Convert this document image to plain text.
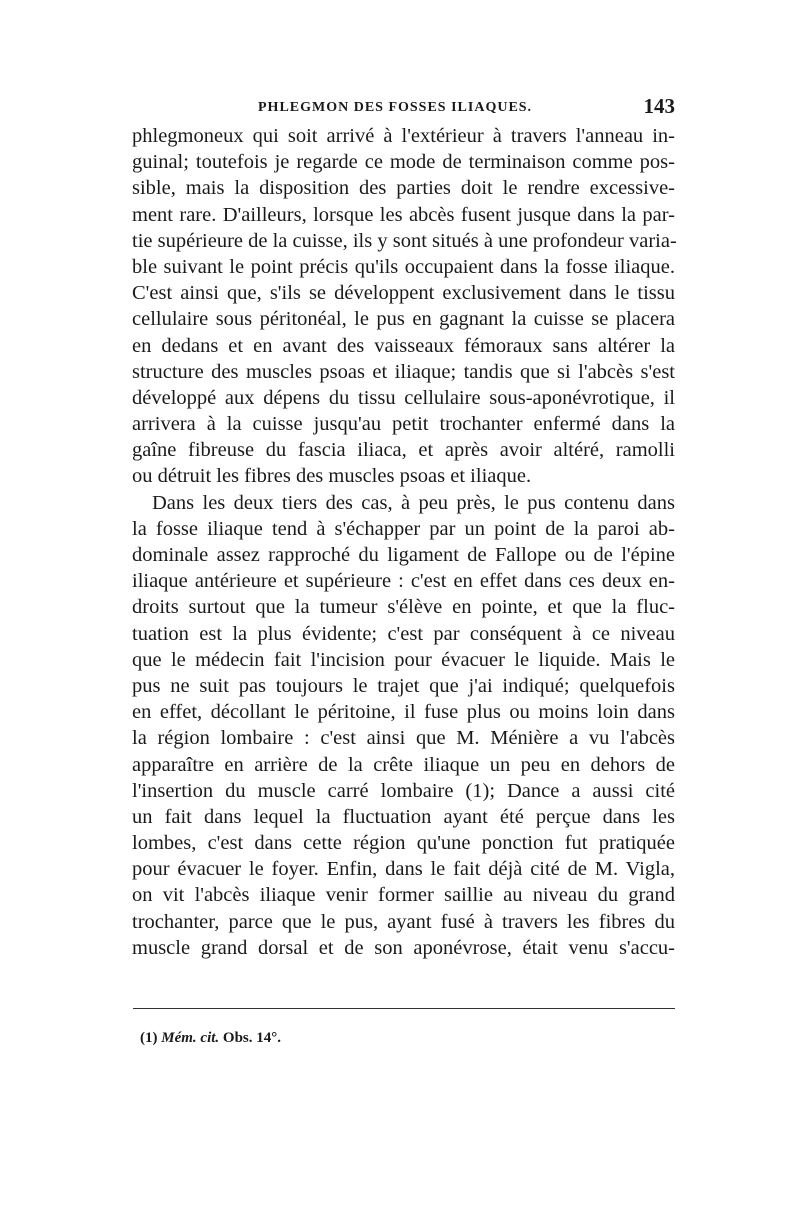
PHLEGMON DES FOSSES ILIAQUES.	143
phlegmoneux qui soit arrivé à l'extérieur à travers l'anneau in-
guinal; toutefois je regarde ce mode de terminaison comme pos-
sible, mais la disposition des parties doit le rendre excessive-
ment rare. D'ailleurs, lorsque les abcès fusent jusque dans la par-
tie supérieure de la cuisse, ils y sont situés à une profondeur varia-
ble suivant le point précis qu'ils occupaient dans la fosse iliaque.
C'est ainsi que, s'ils se développent exclusivement dans le tissu
cellulaire sous péritonéal, le pus en gagnant la cuisse se placera
en dedans et en avant des vaisseaux fémoraux sans altérer la
structure des muscles psoas et iliaque; tandis que si l'abcès s'est
développé aux dépens du tissu cellulaire sous-aponévrotique, il
arrivera à la cuisse jusqu'au petit trochanter enfermé dans la
gaîne fibreuse du fascia iliaca, et après avoir altéré, ramolli
ou détruit les fibres des muscles psoas et iliaque.
Dans les deux tiers des cas, à peu près, le pus contenu dans
la fosse iliaque tend à s'échapper par un point de la paroi ab-
dominale assez rapproché du ligament de Fallope ou de l'épine
iliaque antérieure et supérieure : c'est en effet dans ces deux en-
droits surtout que la tumeur s'élève en pointe, et que la fluc-
tuation est la plus évidente; c'est par conséquent à ce niveau
que le médecin fait l'incision pour évacuer le liquide. Mais le
pus ne suit pas toujours le trajet que j'ai indiqué; quelquefois
en effet, décollant le péritoine, il fuse plus ou moins loin dans
la région lombaire : c'est ainsi que M. Ménière a vu l'abcès
apparaître en arrière de la crête iliaque un peu en dehors de
l'insertion du muscle carré lombaire (1); Dance a aussi cité
un fait dans lequel la fluctuation ayant été perçue dans les
lombes, c'est dans cette région qu'une ponction fut pratiquée
pour évacuer le foyer. Enfin, dans le fait déjà cité de M. Vigla,
on vit l'abcès iliaque venir former saillie au niveau du grand
trochanter, parce que le pus, ayant fusé à travers les fibres du
muscle grand dorsal et de son aponévrose, était venu s'accu-
(1) Mém. cit. Obs. 14°.
